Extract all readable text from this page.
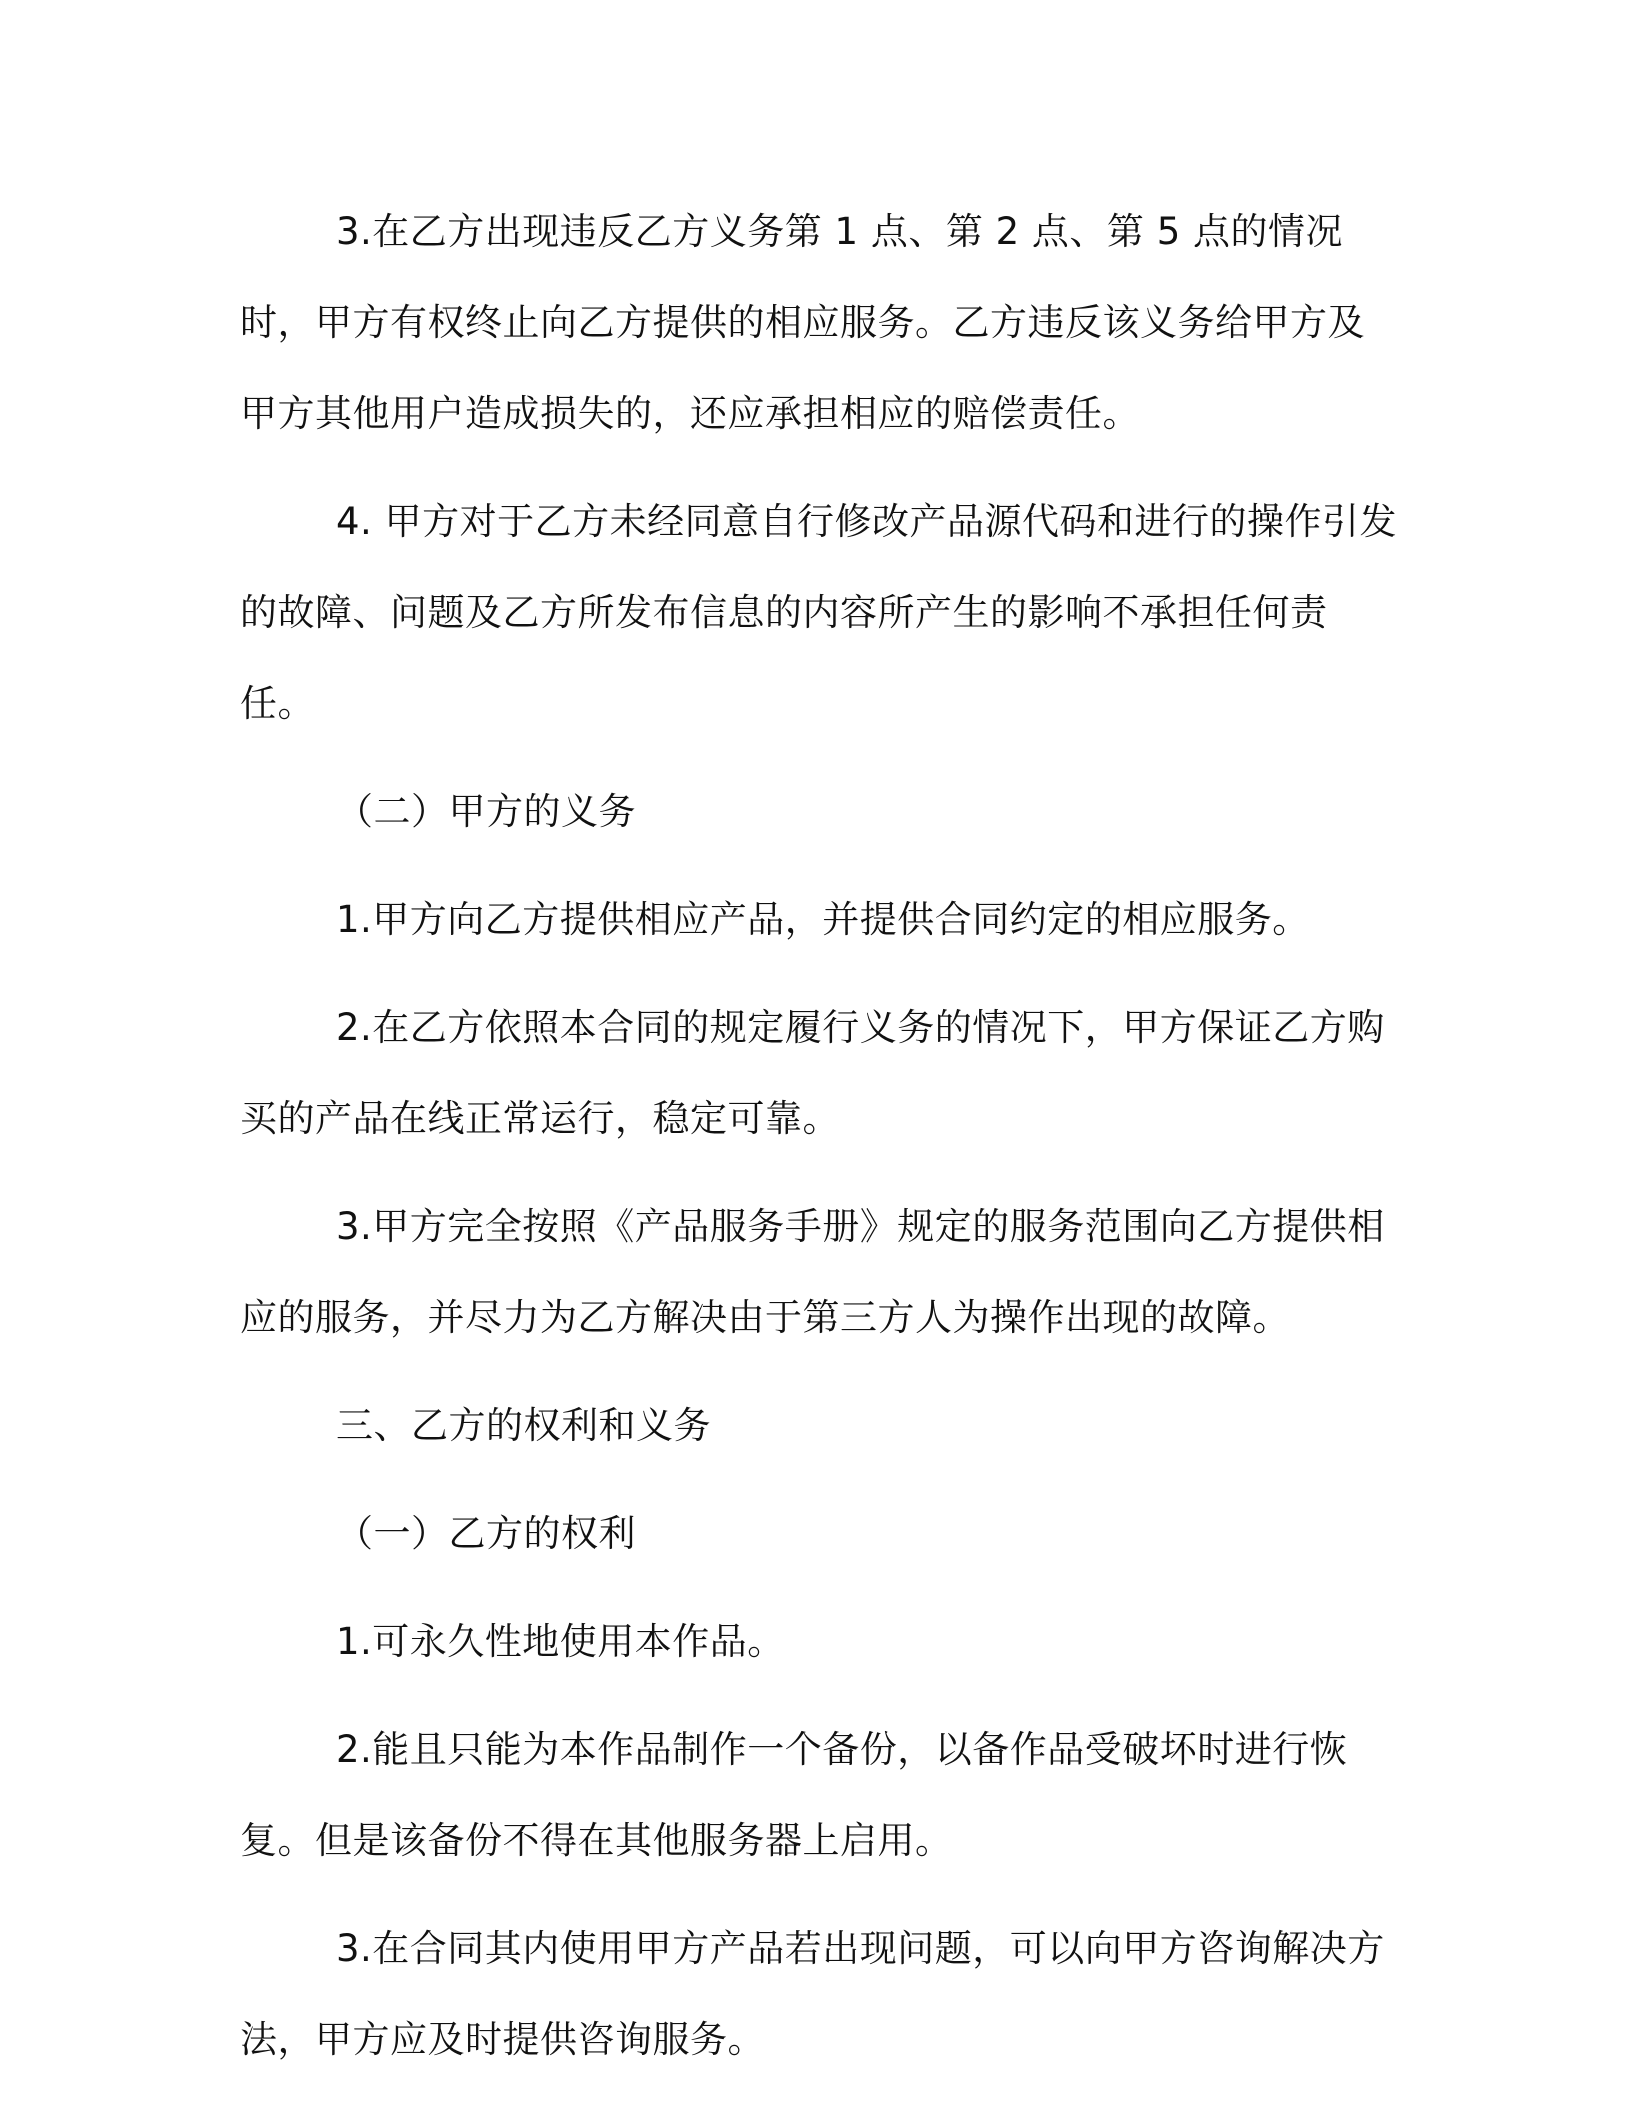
3.在乙方出现违反乙方义务第 1 点、第 2 点、第 5 点的情况时，甲方有权终止向乙方提供的相应服务。乙方违反该义务给甲方及甲方其他用户造成损失的，还应承担相应的赔偿责任。

4. 甲方对于乙方未经同意自行修改产品源代码和进行的操作引发的故障、问题及乙方所发布信息的内容所产生的影响不承担任何责任。

（二）甲方的义务

1.甲方向乙方提供相应产品，并提供合同约定的相应服务。

2.在乙方依照本合同的规定履行义务的情况下，甲方保证乙方购买的产品在线正常运行，稳定可靠。

3.甲方完全按照《产品服务手册》规定的服务范围向乙方提供相应的服务，并尽力为乙方解决由于第三方人为操作出现的故障。

三、乙方的权利和义务

（一）乙方的权利

1.可永久性地使用本作品。

2.能且只能为本作品制作一个备份，以备作品受破坏时进行恢复。但是该备份不得在其他服务器上启用。

3.在合同其内使用甲方产品若出现问题，可以向甲方咨询解决方法，甲方应及时提供咨询服务。
